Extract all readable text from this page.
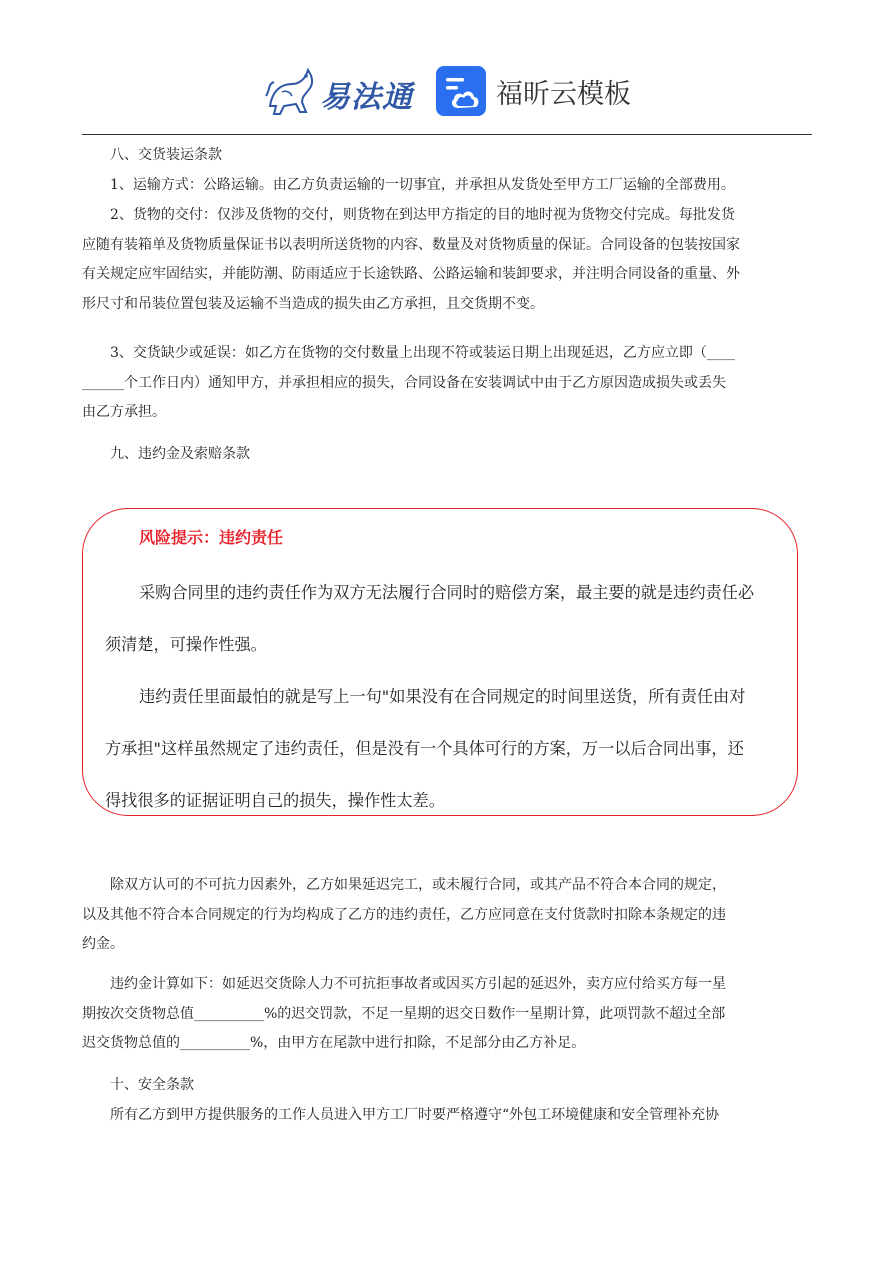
易法通	福昕云模板
八、交货装运条款
1、运输方式：公路运输。由乙方负责运输的一切事宜，并承担从发货处至甲方工厂运输的全部费用。
2、货物的交付：仅涉及货物的交付，则货物在到达甲方指定的目的地时视为货物交付完成。每批发货
应随有装箱单及货物质量保证书以表明所送货物的内容、数量及对货物质量的保证。合同设备的包装按国家
有关规定应牢固结实，并能防潮、防雨适应于长途铁路、公路运输和装卸要求，并注明合同设备的重量、外
形尺寸和吊装位置包装及运输不当造成的损失由乙方承担，且交货期不变。
3、交货缺少或延误：如乙方在货物的交付数量上出现不符或装运日期上出现延迟，乙方应立即（____
______个工作日内）通知甲方，并承担相应的损失，合同设备在安装调试中由于乙方原因造成损失或丢失
由乙方承担。
九、违约金及索赔条款
风险提示：违约责任
采购合同里的违约责任作为双方无法履行合同时的赔偿方案，最主要的就是违约责任必
须清楚，可操作性强。
违约责任里面最怕的就是写上一句"如果没有在合同规定的时间里送货，所有责任由对
方承担"这样虽然规定了违约责任，但是没有一个具体可行的方案，万一以后合同出事，还
得找很多的证据证明自己的损失，操作性太差。
除双方认可的不可抗力因素外，乙方如果延迟完工，或未履行合同，或其产品不符合本合同的规定，
以及其他不符合本合同规定的行为均构成了乙方的违约责任，乙方应同意在支付货款时扣除本条规定的违
约金。
违约金计算如下：如延迟交货除人力不可抗拒事故者或因买方引起的延迟外，卖方应付给买方每一星
期按次交货物总值__________%的迟交罚款，不足一星期的迟交日数作一星期计算，此项罚款不超过全部
迟交货物总值的__________%，由甲方在尾款中进行扣除，不足部分由乙方补足。
十、安全条款
所有乙方到甲方提供服务的工作人员进入甲方工厂时要严格遵守“外包工环境健康和安全管理补充协
